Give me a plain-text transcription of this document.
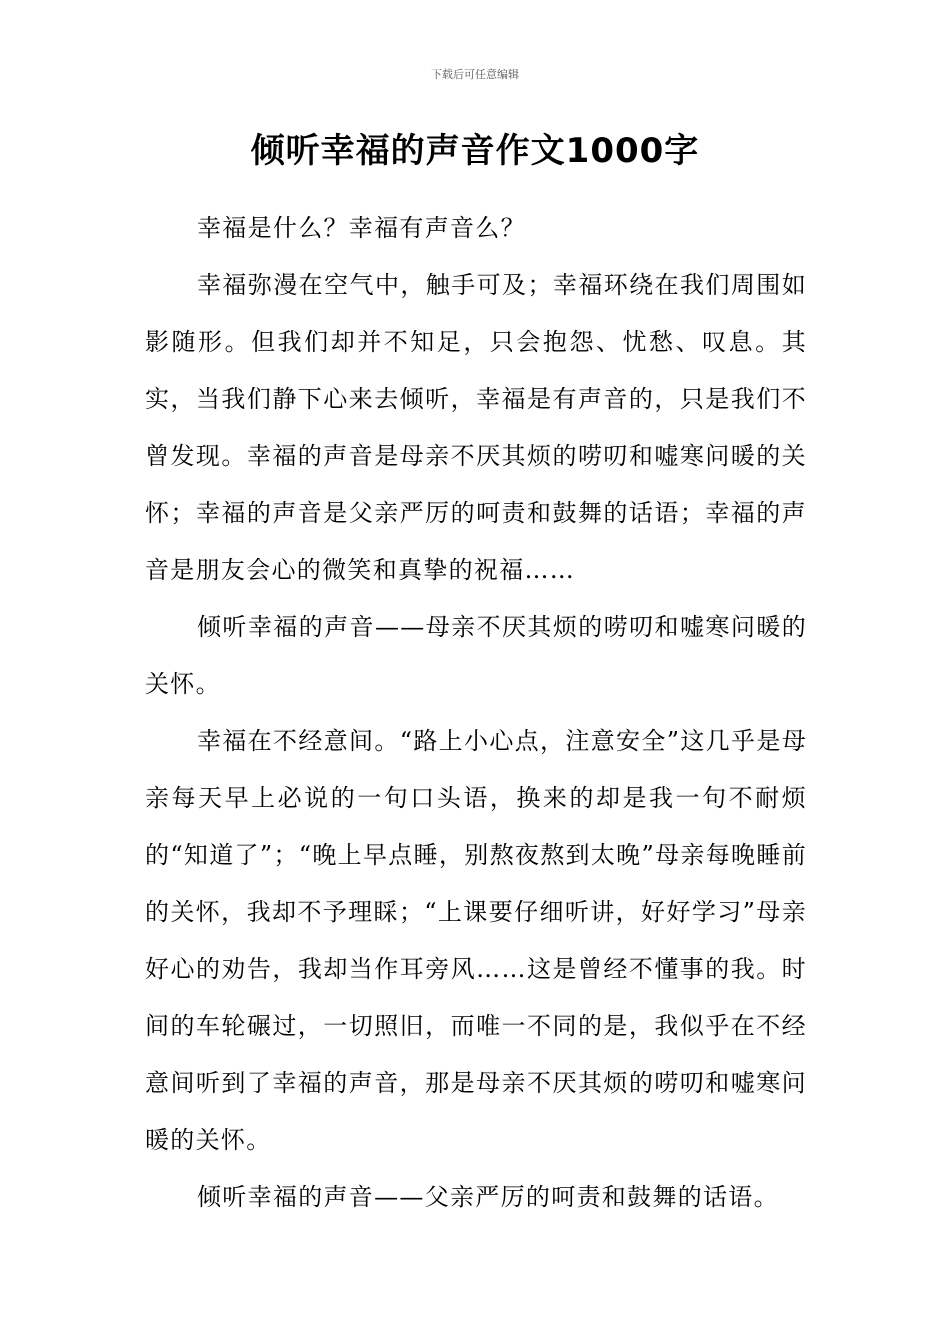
下载后可任意编辑
倾听幸福的声音作文1000字

幸福是什么？幸福有声音么？

幸福弥漫在空气中，触手可及；幸福环绕在我们周围如影随形。但我们却并不知足，只会抱怨、忧愁、叹息。其实，当我们静下心来去倾听，幸福是有声音的，只是我们不曾发现。幸福的声音是母亲不厌其烦的唠叨和嘘寒问暖的关怀；幸福的声音是父亲严厉的呵责和鼓舞的话语；幸福的声音是朋友会心的微笑和真挚的祝福……

倾听幸福的声音——母亲不厌其烦的唠叨和嘘寒问暖的关怀。

幸福在不经意间。“路上小心点，注意安全”这几乎是母亲每天早上必说的一句口头语，换来的却是我一句不耐烦的“知道了”；“晚上早点睡，别熬夜熬到太晚”母亲每晚睡前的关怀，我却不予理睬；“上课要仔细听讲，好好学习”母亲好心的劝告，我却当作耳旁风……这是曾经不懂事的我。时间的车轮碾过，一切照旧，而唯一不同的是，我似乎在不经意间听到了幸福的声音，那是母亲不厌其烦的唠叨和嘘寒问暖的关怀。

倾听幸福的声音——父亲严厉的呵责和鼓舞的话语。
